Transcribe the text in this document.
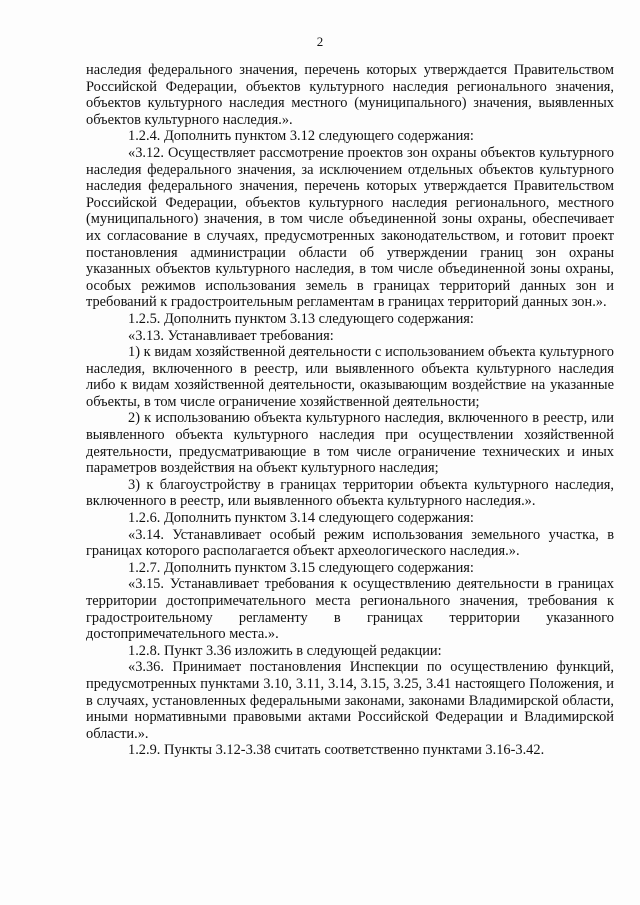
2

наследия федерального значения, перечень которых утверждается Правительством Российской Федерации, объектов культурного наследия регионального значения, объектов культурного наследия местного (муниципального) значения, выявленных объектов культурного наследия.».

1.2.4. Дополнить пунктом 3.12 следующего содержания:

«3.12. Осуществляет рассмотрение проектов зон охраны объектов культурного наследия федерального значения, за исключением отдельных объектов культурного наследия федерального значения, перечень которых утверждается Правительством Российской Федерации, объектов культурного наследия регионального, местного (муниципального) значения, в том числе объединенной зоны охраны, обеспечивает их согласование в случаях, предусмотренных законодательством, и готовит проект постановления администрации области об утверждении границ зон охраны указанных объектов культурного наследия, в том числе объединенной зоны охраны, особых режимов использования земель в границах территорий данных зон и требований к градостроительным регламентам в границах территорий данных зон.».

1.2.5. Дополнить пунктом 3.13 следующего содержания:

«3.13. Устанавливает требования:

1) к видам хозяйственной деятельности с использованием объекта культурного наследия, включенного в реестр, или выявленного объекта культурного наследия либо к видам хозяйственной деятельности, оказывающим воздействие на указанные объекты, в том числе ограничение хозяйственной деятельности;

2) к использованию объекта культурного наследия, включенного в реестр, или выявленного объекта культурного наследия при осуществлении хозяйственной деятельности, предусматривающие в том числе ограничение технических и иных параметров воздействия на объект культурного наследия;

3) к благоустройству в границах территории объекта культурного наследия, включенного в реестр, или выявленного объекта культурного наследия.».

1.2.6. Дополнить пунктом 3.14 следующего содержания:

«3.14. Устанавливает особый режим использования земельного участка, в границах которого располагается объект археологического наследия.».

1.2.7. Дополнить пунктом 3.15 следующего содержания:

«3.15. Устанавливает требования к осуществлению деятельности в границах территории достопримечательного места регионального значения, требования к градостроительному регламенту в границах территории указанного достопримечательного места.».

1.2.8. Пункт 3.36 изложить в следующей редакции:

«3.36. Принимает постановления Инспекции по осуществлению функций, предусмотренных пунктами 3.10, 3.11, 3.14, 3.15, 3.25, 3.41 настоящего Положения, и в случаях, установленных федеральными законами, законами Владимирской области, иными нормативными правовыми актами Российской Федерации и Владимирской области.».

1.2.9. Пункты 3.12-3.38 считать соответственно пунктами 3.16-3.42.
